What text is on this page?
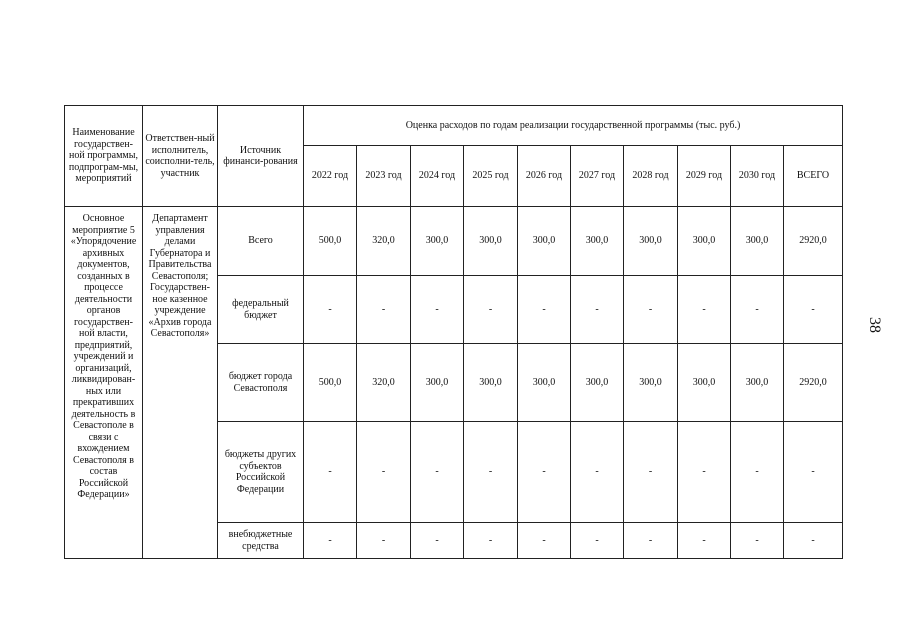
Наименование государствен-ной программы, подпрограм-мы, мероприятий	Ответствен-ный исполнитель, соисполни-тель, участник	Источник финанси-рования	Оценка расходов по годам реализации государственной программы (тыс. руб.)									
			2022 год	2023 год	2024 год	2025 год	2026 год	2027 год	2028 год	2029 год	2030 год	ВСЕГО
Основное мероприятие 5 «Упорядочение архивных документов, созданных в процессе деятельности органов государствен-ной власти, предприятий, учреждений и организаций, ликвидирован-ных или прекративших деятельность в Севастополе в связи с вхождением Севастополя в состав Российской Федерации»	Департамент управления делами Губернатора и Правительства Севастополя; Государствен-ное казенное учреждение «Архив города Севастополя»	Всего	500,0	320,0	300,0	300,0	300,0	300,0	300,0	300,0	300,0	2920,0
		федеральный бюджет	-	-	-	-	-	-	-	-	-	-
		бюджет города Севастополя	500,0	320,0	300,0	300,0	300,0	300,0	300,0	300,0	300,0	2920,0
		бюджеты других субъектов Российской Федерации	-	-	-	-	-	-	-	-	-	-
		внебюджетные средства	-	-	-	-	-	-	-	-	-	-
38
